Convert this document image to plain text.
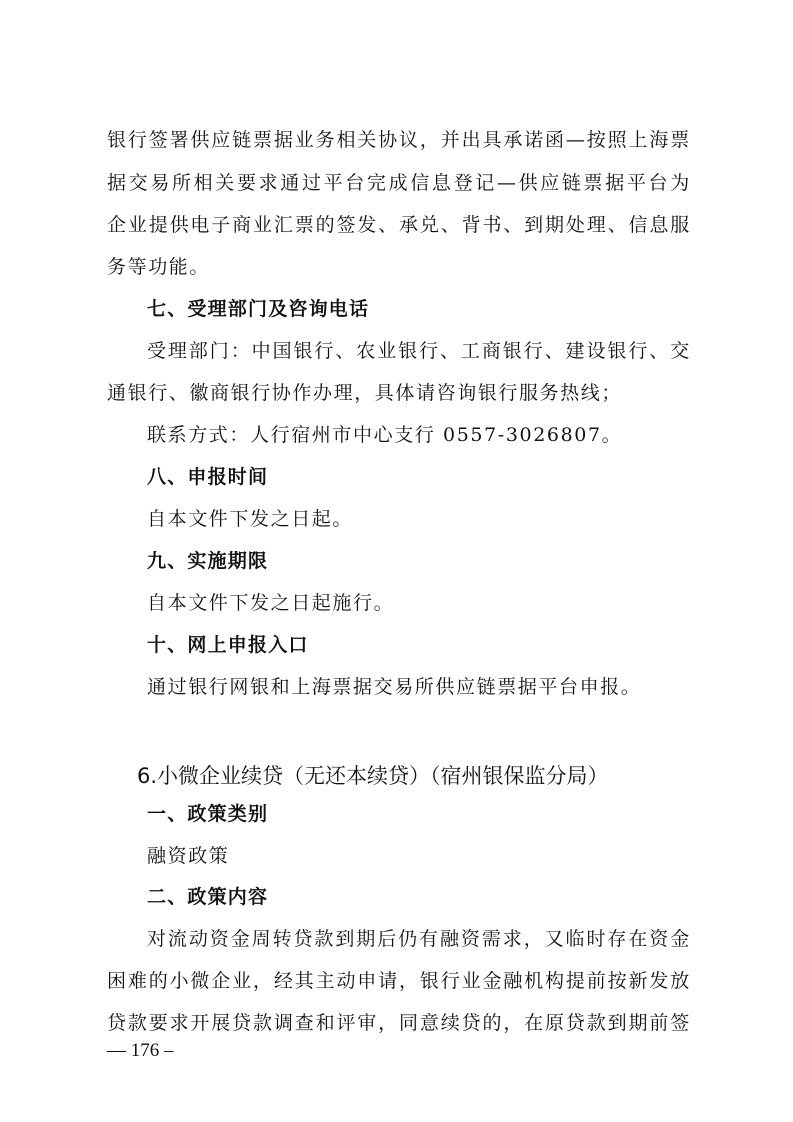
银行签署供应链票据业务相关协议，并出具承诺函—按照上海票
据交易所相关要求通过平台完成信息登记—供应链票据平台为
企业提供电子商业汇票的签发、承兑、背书、到期处理、信息服
务等功能。
七、受理部门及咨询电话
受理部门：中国银行、农业银行、工商银行、建设银行、交
通银行、徽商银行协作办理，具体请咨询银行服务热线；
联系方式：人行宿州市中心支行 0557-3026807。
八、申报时间
自本文件下发之日起。
九、实施期限
自本文件下发之日起施行。
十、网上申报入口
通过银行网银和上海票据交易所供应链票据平台申报。
6.小微企业续贷（无还本续贷）（宿州银保监分局）
一、政策类别
融资政策
二、政策内容
对流动资金周转贷款到期后仍有融资需求，又临时存在资金
困难的小微企业，经其主动申请，银行业金融机构提前按新发放
贷款要求开展贷款调查和评审，同意续贷的，在原贷款到期前签
— 176 –
